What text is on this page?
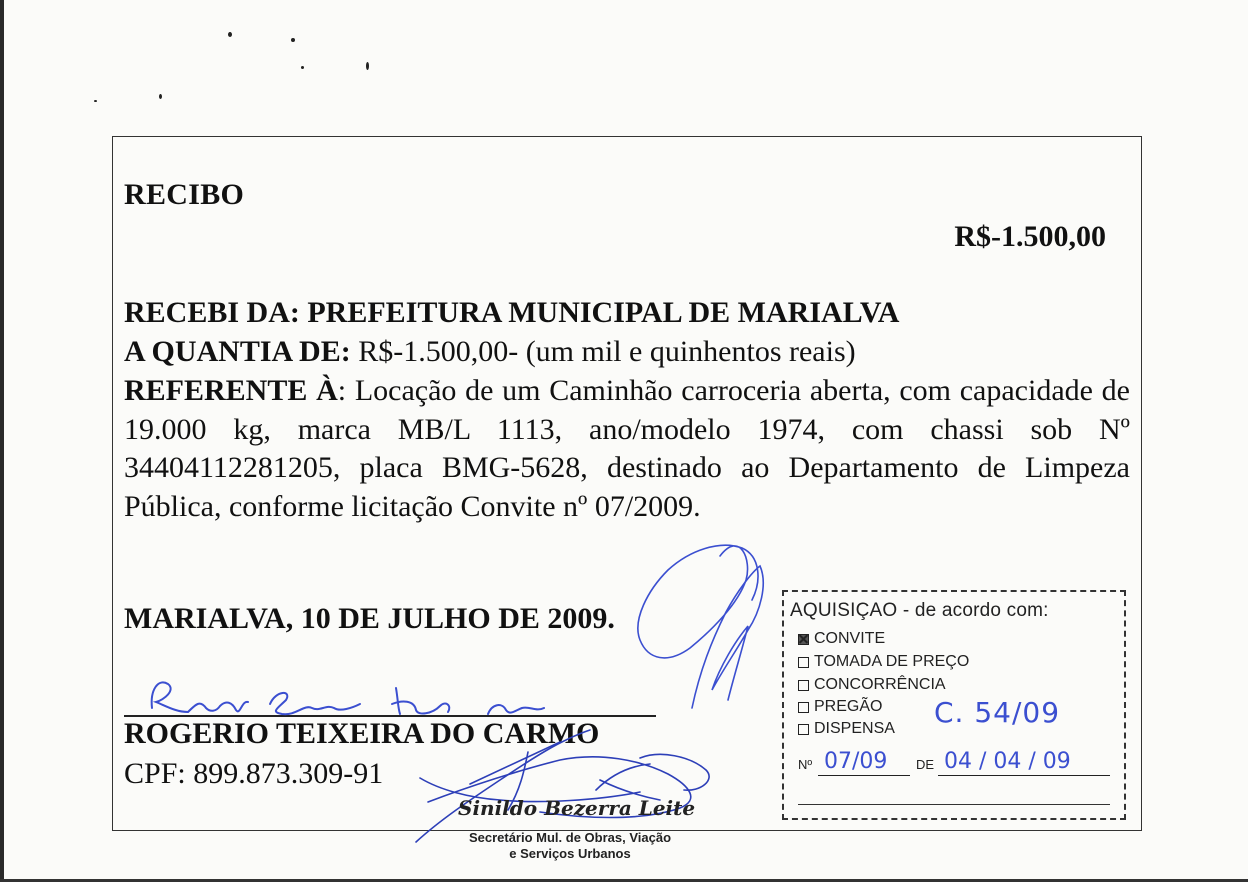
RECIBO
R$-1.500,00
RECEBI DA: PREFEITURA MUNICIPAL DE MARIALVA
A QUANTIA DE: R$-1.500,00- (um mil e quinhentos reais)
REFERENTE À: Locação de um Caminhão carroceria aberta, com capacidade de 19.000 kg, marca MB/L 1113, ano/modelo 1974, com chassi sob Nº 34404112281205, placa BMG-5628, destinado ao Departamento de Limpeza Pública, conforme licitação Convite nº 07/2009.
MARIALVA, 10 DE JULHO DE 2009.
ROGERIO TEIXEIRA DO CARMO
CPF: 899.873.309-91
AQUISIÇAO - de acordo com:
CONVITE
TOMADA DE PREÇO
CONCORRÊNCIA
PREGÃO
DISPENSA C. 54/09
Nº 07/09 DE 04 / 04 / 09
Sinildo Bezerra Leite
Secretário Mul. de Obras, Viação
e Serviços Urbanos
